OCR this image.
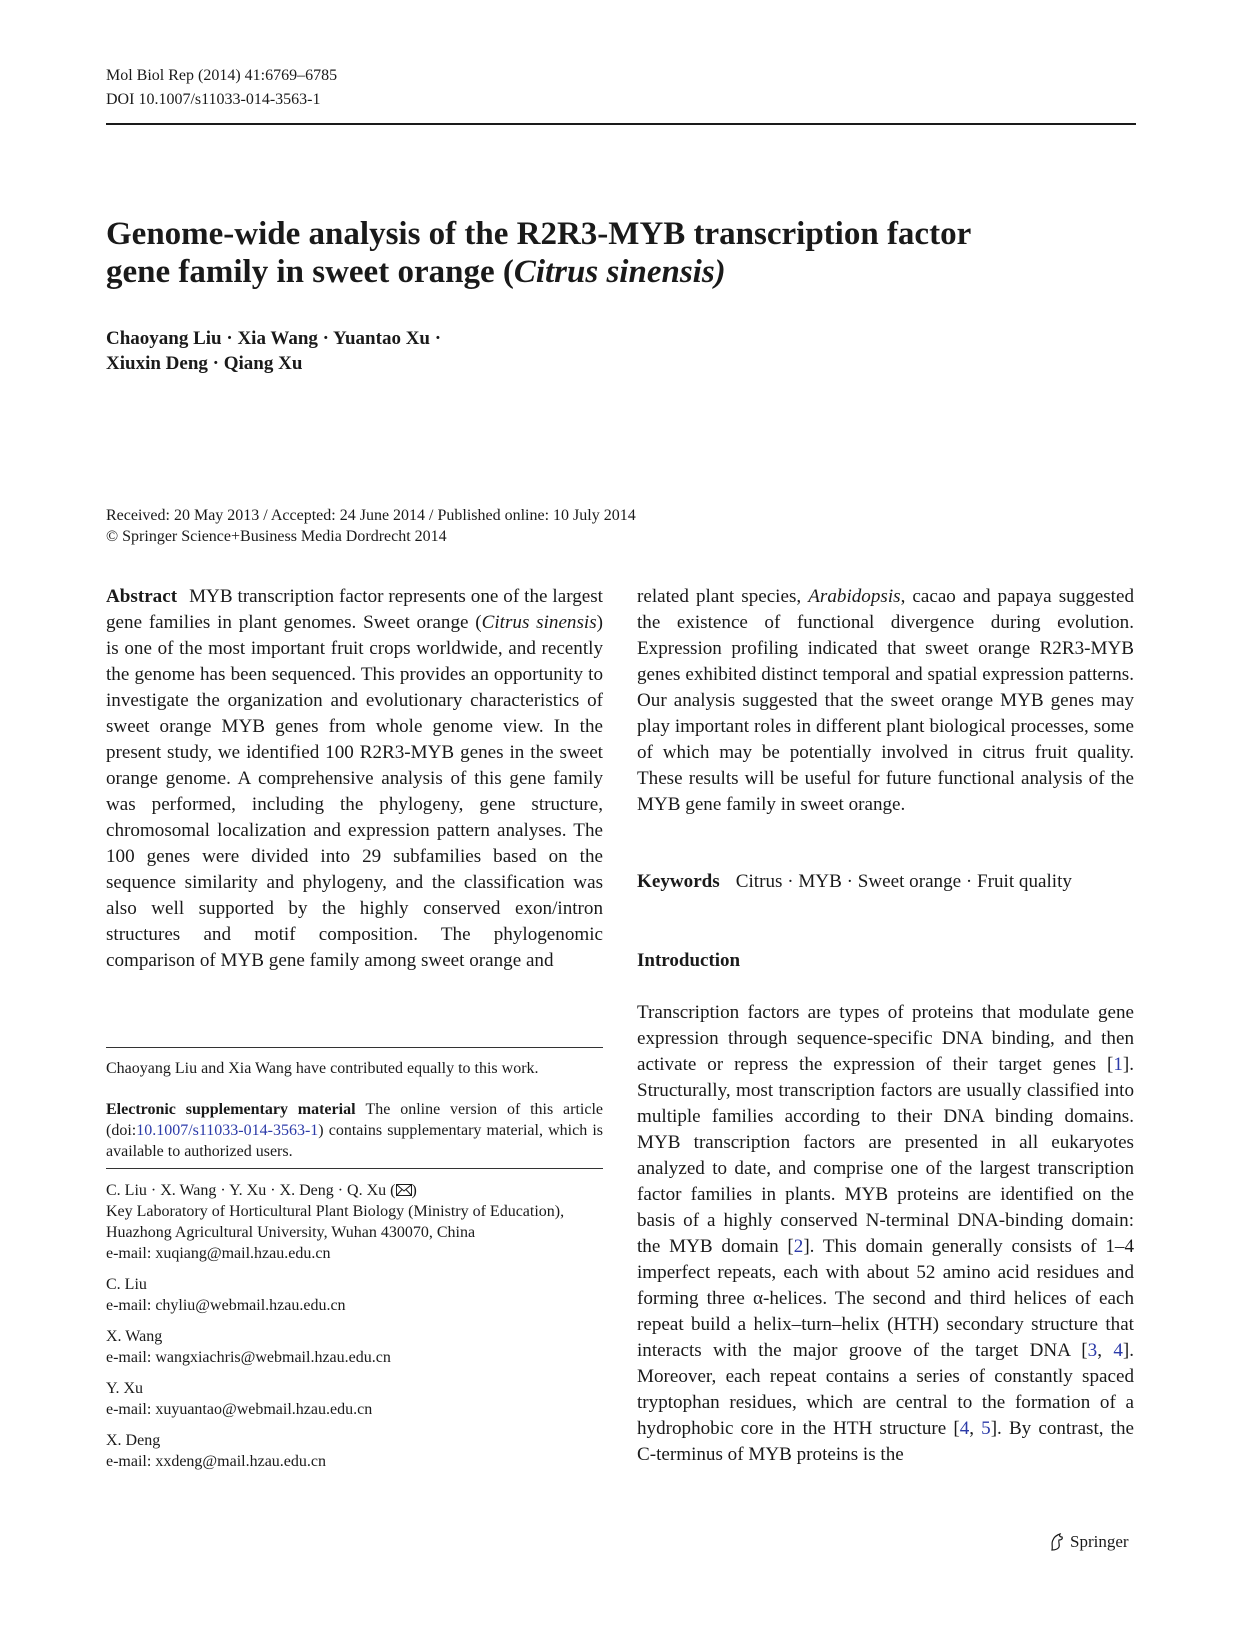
Mol Biol Rep (2014) 41:6769–6785
DOI 10.1007/s11033-014-3563-1
Genome-wide analysis of the R2R3-MYB transcription factor
gene family in sweet orange (Citrus sinensis)
Chaoyang Liu · Xia Wang · Yuantao Xu ·
Xiuxin Deng · Qiang Xu
Received: 20 May 2013 / Accepted: 24 June 2014 / Published online: 10 July 2014
© Springer Science+Business Media Dordrecht 2014
Abstract MYB transcription factor represents one of the largest gene families in plant genomes. Sweet orange (Citrus sinensis) is one of the most important fruit crops worldwide, and recently the genome has been sequenced. This provides an opportunity to investigate the organization and evolutionary characteristics of sweet orange MYB genes from whole genome view. In the present study, we identified 100 R2R3-MYB genes in the sweet orange genome. A comprehensive analysis of this gene family was performed, including the phylogeny, gene structure, chromosomal localization and expression pattern analyses. The 100 genes were divided into 29 subfamilies based on the sequence similarity and phylogeny, and the classification was also well supported by the highly conserved exon/intron structures and motif composition. The phylogenomic comparison of MYB gene family among sweet orange and
related plant species, Arabidopsis, cacao and papaya suggested the existence of functional divergence during evolution. Expression profiling indicated that sweet orange R2R3-MYB genes exhibited distinct temporal and spatial expression patterns. Our analysis suggested that the sweet orange MYB genes may play important roles in different plant biological processes, some of which may be potentially involved in citrus fruit quality. These results will be useful for future functional analysis of the MYB gene family in sweet orange.
Keywords Citrus · MYB · Sweet orange · Fruit quality
Introduction
Transcription factors are types of proteins that modulate gene expression through sequence-specific DNA binding, and then activate or repress the expression of their target genes [1]. Structurally, most transcription factors are usually classified into multiple families according to their DNA binding domains. MYB transcription factors are presented in all eukaryotes analyzed to date, and comprise one of the largest transcription factor families in plants. MYB proteins are identified on the basis of a highly conserved N-terminal DNA-binding domain: the MYB domain [2]. This domain generally consists of 1–4 imperfect repeats, each with about 52 amino acid residues and forming three α-helices. The second and third helices of each repeat build a helix–turn–helix (HTH) secondary structure that interacts with the major groove of the target DNA [3, 4]. Moreover, each repeat contains a series of constantly spaced tryptophan residues, which are central to the formation of a hydrophobic core in the HTH structure [4, 5]. By contrast, the C-terminus of MYB proteins is the
Chaoyang Liu and Xia Wang have contributed equally to this work.
Electronic supplementary material The online version of this article (doi:10.1007/s11033-014-3563-1) contains supplementary material, which is available to authorized users.
C. Liu · X. Wang · Y. Xu · X. Deng · Q. Xu ( )
Key Laboratory of Horticultural Plant Biology (Ministry of Education), Huazhong Agricultural University, Wuhan 430070, China
e-mail: xuqiang@mail.hzau.edu.cn
C. Liu
e-mail: chyliu@webmail.hzau.edu.cn
X. Wang
e-mail: wangxiachris@webmail.hzau.edu.cn
Y. Xu
e-mail: xuyuantao@webmail.hzau.edu.cn
X. Deng
e-mail: xxdeng@mail.hzau.edu.cn
Springer
